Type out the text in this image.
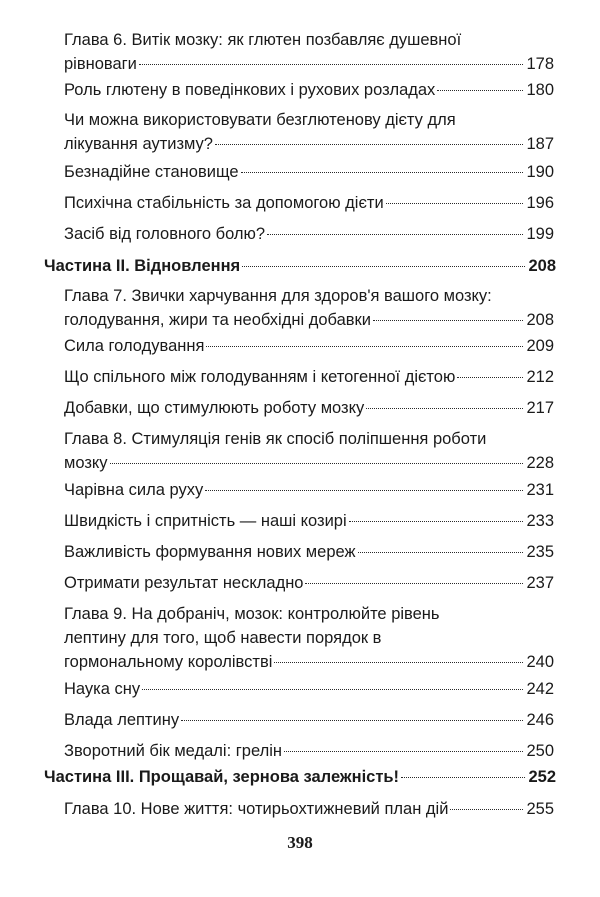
Глава 6. Витік мозку: як глютен позбавляє душевної
рівноваги	178
Роль глютену в поведінкових і рухових розладах	180
Чи можна використовувати безглютенову дієту для
лікування аутизму?	187
Безнадійне становище	190
Психічна стабільність за допомогою дієти	196
Засіб від головного болю?	199
Частина II. Відновлення	208
Глава 7. Звички харчування для здоров'я вашого мозку:
голодування, жири та необхідні добавки	208
Сила голодування	209
Що спільного між голодуванням і кетогенної дієтою	212
Добавки, що стимулюють роботу мозку	217
Глава 8. Стимуляція генів як спосіб поліпшення роботи
мозку	228
Чарівна сила руху	231
Швидкість і спритність — наші козирі	233
Важливість формування нових мереж	235
Отримати результат нескладно	237
Глава 9. На добраніч, мозок: контролюйте рівень
лептину для того, щоб навести порядок в
гормональному королівстві	240
Наука сну	242
Влада лептину	246
Зворотний бік медалі: грелін	250
Частина III. Прощавай, зернова залежність!	252
Глава 10. Нове життя: чотирьохтижневий план дій	255
398
